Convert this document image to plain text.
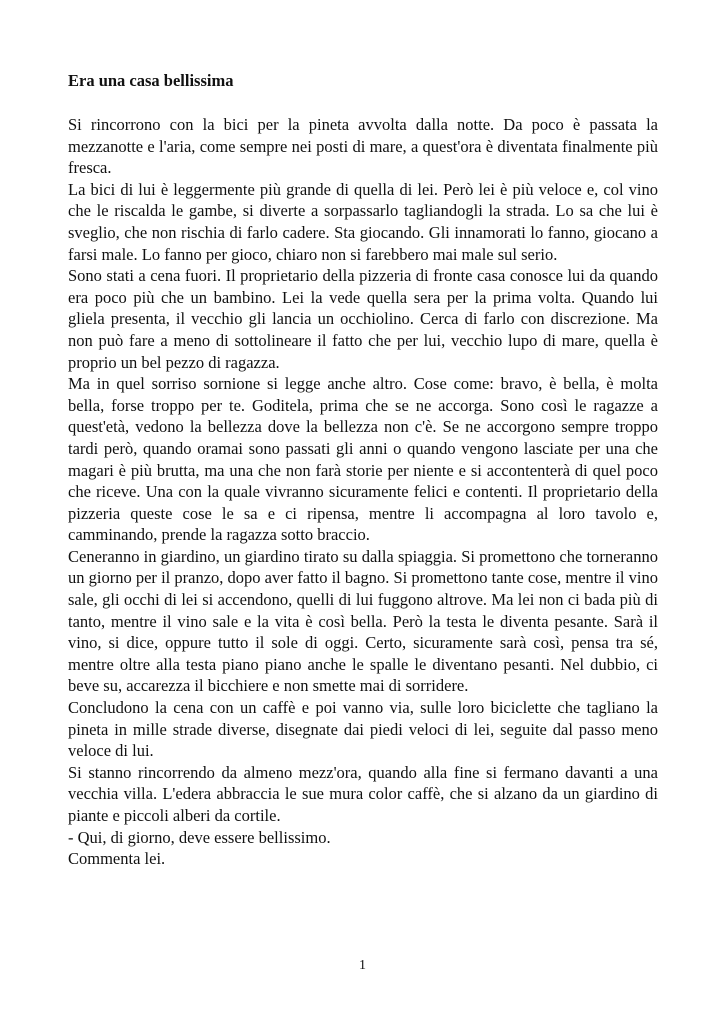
Era una casa bellissima

Si rincorrono con la bici per la pineta avvolta dalla notte. Da poco è passata la mezzanotte e l'aria, come sempre nei posti di mare, a quest'ora è diventata finalmente più fresca.

La bici di lui è leggermente più grande di quella di lei. Però lei è più veloce e, col vino che le riscalda le gambe, si diverte a sorpassarlo tagliandogli la strada. Lo sa che lui è sveglio, che non rischia di farlo cadere. Sta giocando. Gli innamorati lo fanno, giocano a farsi male. Lo fanno per gioco, chiaro non si farebbero mai male sul serio.

Sono stati a cena fuori. Il proprietario della pizzeria di fronte casa conosce lui da quando era poco più che un bambino. Lei la vede quella sera per la prima volta. Quando lui gliela presenta, il vecchio gli lancia un occhiolino. Cerca di farlo con discrezione. Ma non può fare a meno di sottolineare il fatto che per lui, vecchio lupo di mare, quella è proprio un bel pezzo di ragazza.

Ma in quel sorriso sornione si legge anche altro. Cose come: bravo, è bella, è molta bella, forse troppo per te. Goditela, prima che se ne accorga. Sono così le ragazze a quest'età, vedono la bellezza dove la bellezza non c'è. Se ne accorgono sempre troppo tardi però, quando oramai sono passati gli anni o quando vengono lasciate per una che magari è più brutta, ma una che non farà storie per niente e si accontenterà di quel poco che riceve. Una con la quale vivranno sicuramente felici e contenti. Il proprietario della pizzeria queste cose le sa e ci ripensa, mentre li accompagna al loro tavolo e, camminando, prende la ragazza sotto braccio.

Ceneranno in giardino, un giardino tirato su dalla spiaggia. Si promettono che torneranno un giorno per il pranzo, dopo aver fatto il bagno. Si promettono tante cose, mentre il vino sale, gli occhi di lei si accendono, quelli di lui fuggono altrove. Ma lei non ci bada più di tanto, mentre il vino sale e la vita è così bella. Però la testa le diventa pesante. Sarà il vino, si dice, oppure tutto il sole di oggi. Certo, sicuramente sarà così, pensa tra sé, mentre oltre alla testa piano piano anche le spalle le diventano pesanti. Nel dubbio, ci beve su, accarezza il bicchiere e non smette mai di sorridere.

Concludono la cena con un caffè e poi vanno via, sulle loro biciclette che tagliano la pineta in mille strade diverse, disegnate dai piedi veloci di lei, seguite dal passo meno veloce di lui.

Si stanno rincorrendo da almeno mezz'ora, quando alla fine si fermano davanti a una vecchia villa. L'edera abbraccia le sue mura color caffè, che si alzano da un giardino di piante e piccoli alberi da cortile.

- Qui, di giorno, deve essere bellissimo.

Commenta lei.

1
